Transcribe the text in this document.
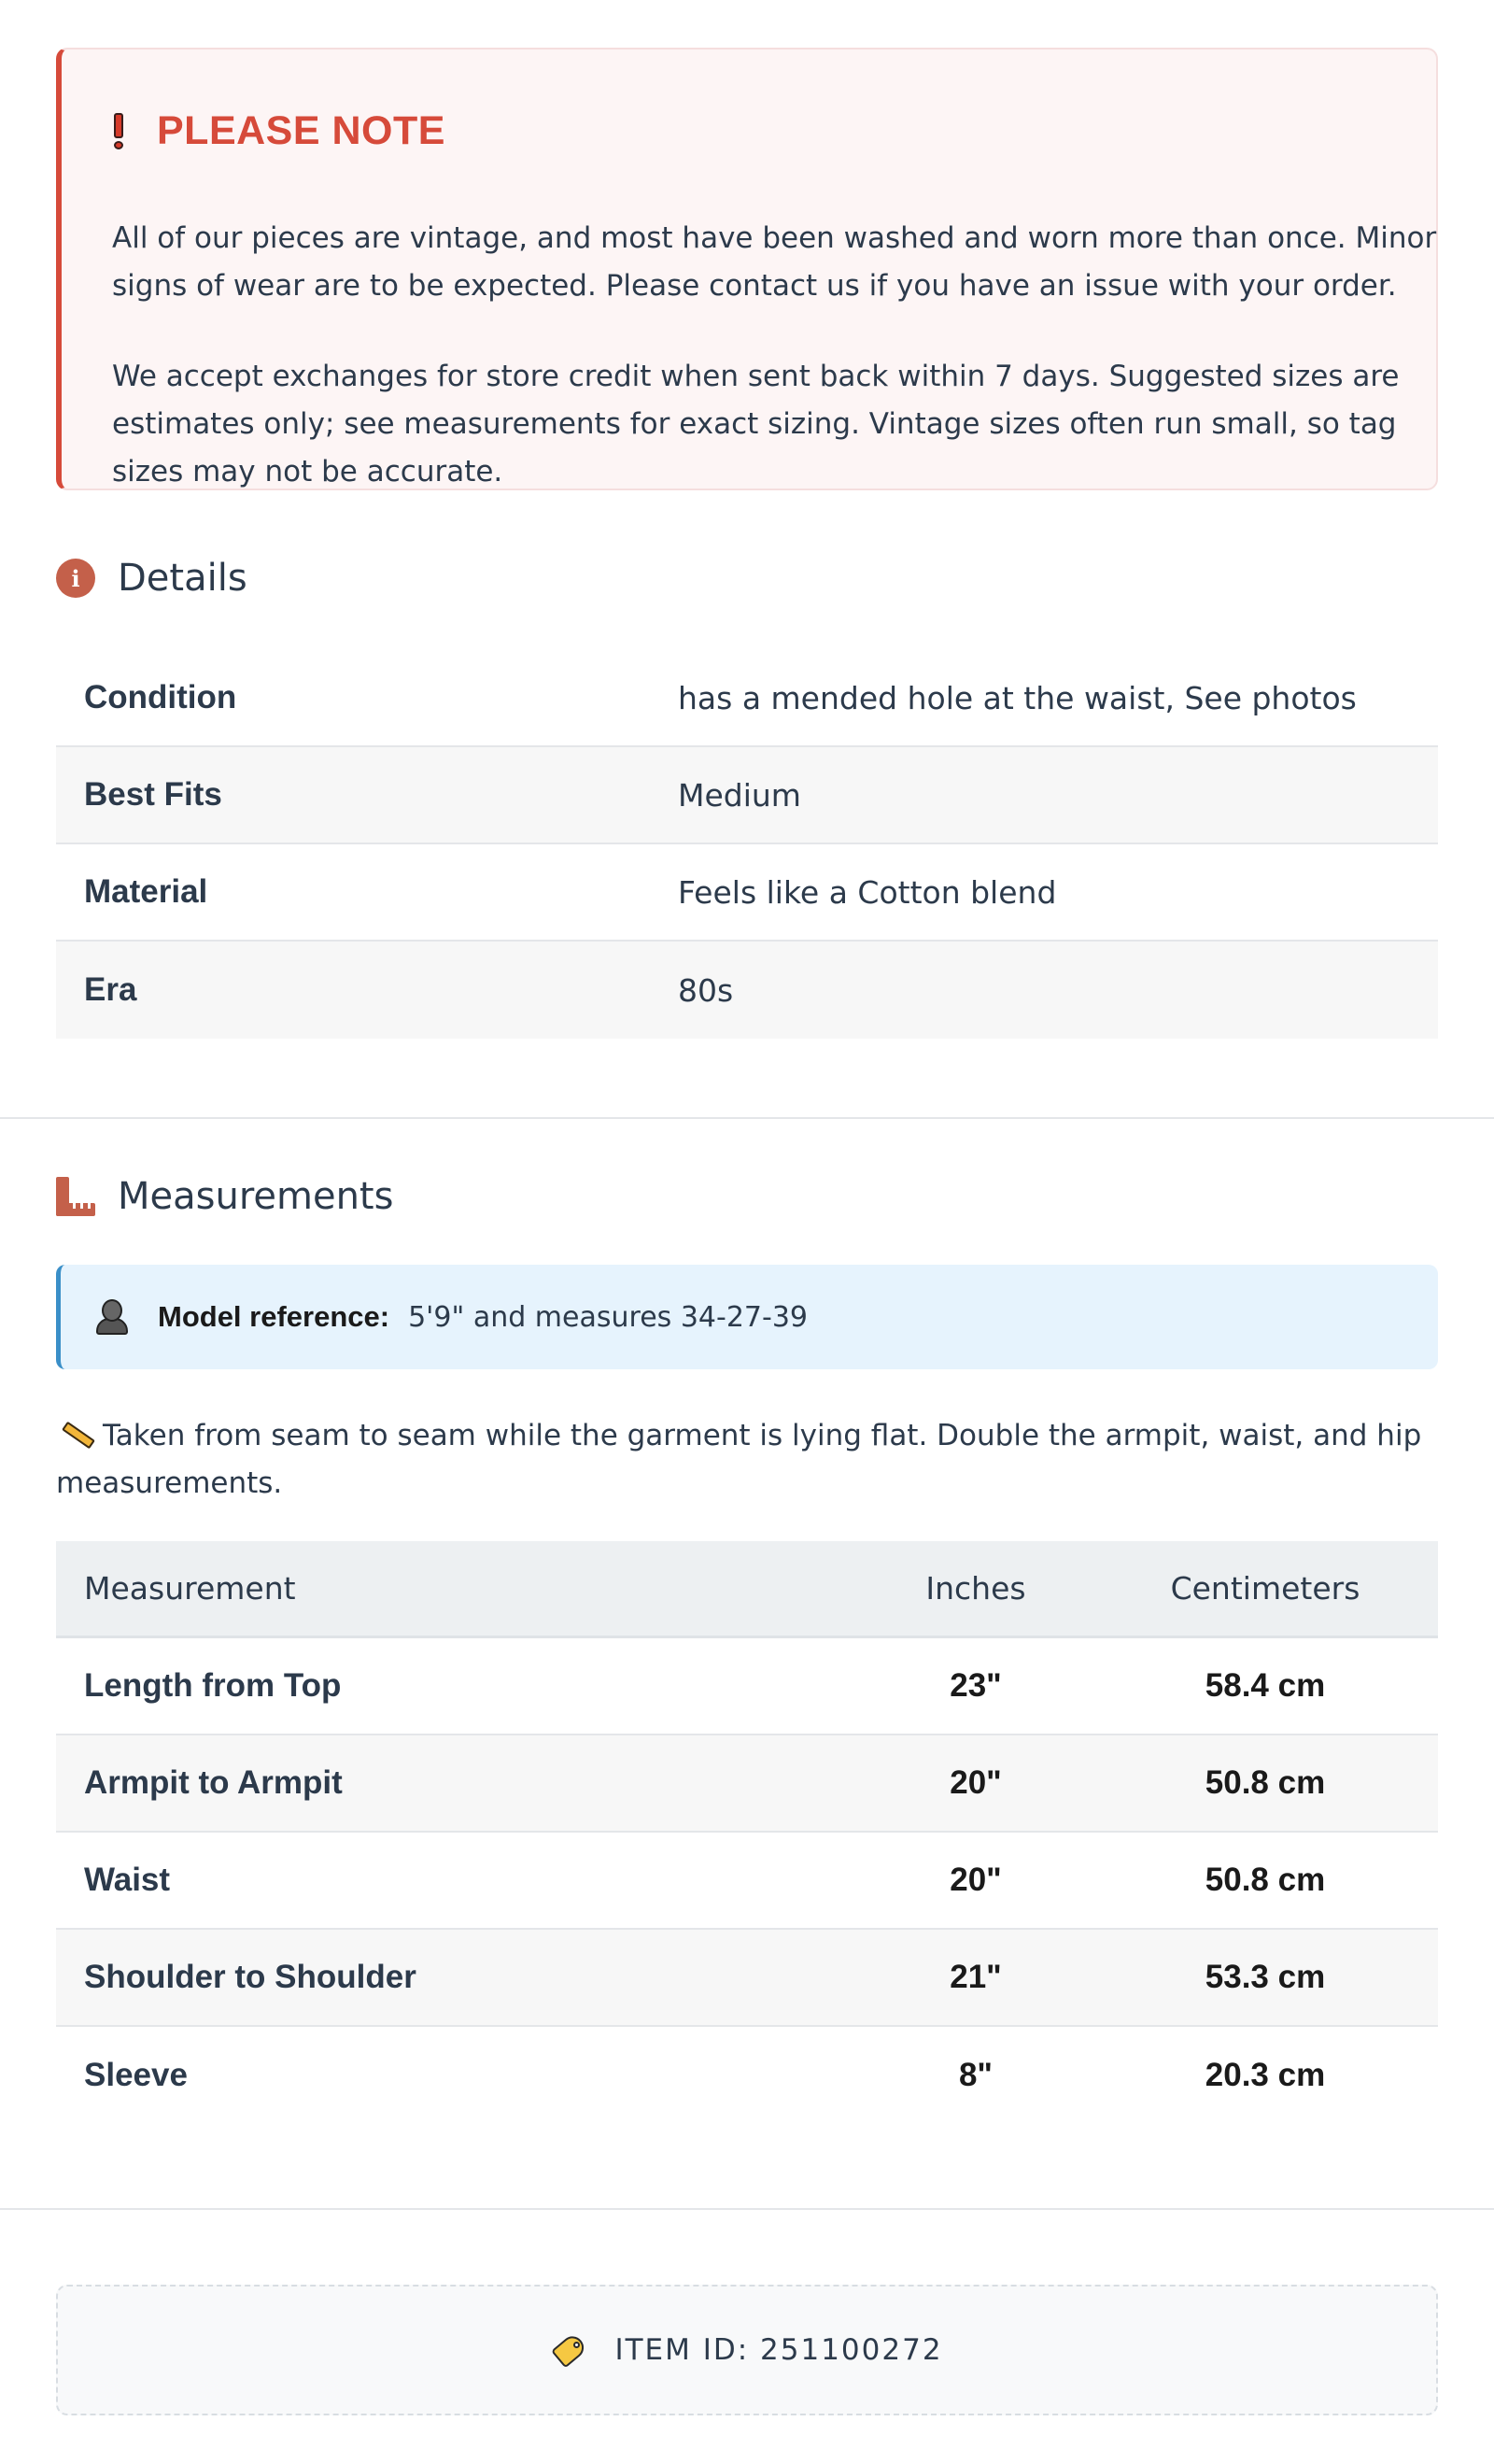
PLEASE NOTE

All of our pieces are vintage, and most have been washed and worn more than once. Minor signs of wear are to be expected. Please contact us if you have an issue with your order.

We accept exchanges for store credit when sent back within 7 days. Suggested sizes are estimates only; see measurements for exact sizing. Vintage sizes often run small, so tag sizes may not be accurate.

i	Details
Condition	has a mended hole at the waist, See photos
Best Fits	Medium
Material	Feels like a Cotton blend
Era	80s
Measurements
Model reference: 5'9" and measures 34-27-39
Taken from seam to seam while the garment is lying flat. Double the armpit, waist, and hip measurements.
Measurement	Inches	Centimeters
Length from Top	23"	58.4 cm
Armpit to Armpit	20"	50.8 cm
Waist	20"	50.8 cm
Shoulder to Shoulder	21"	53.3 cm
Sleeve	8"	20.3 cm
ITEM ID: 251100272
